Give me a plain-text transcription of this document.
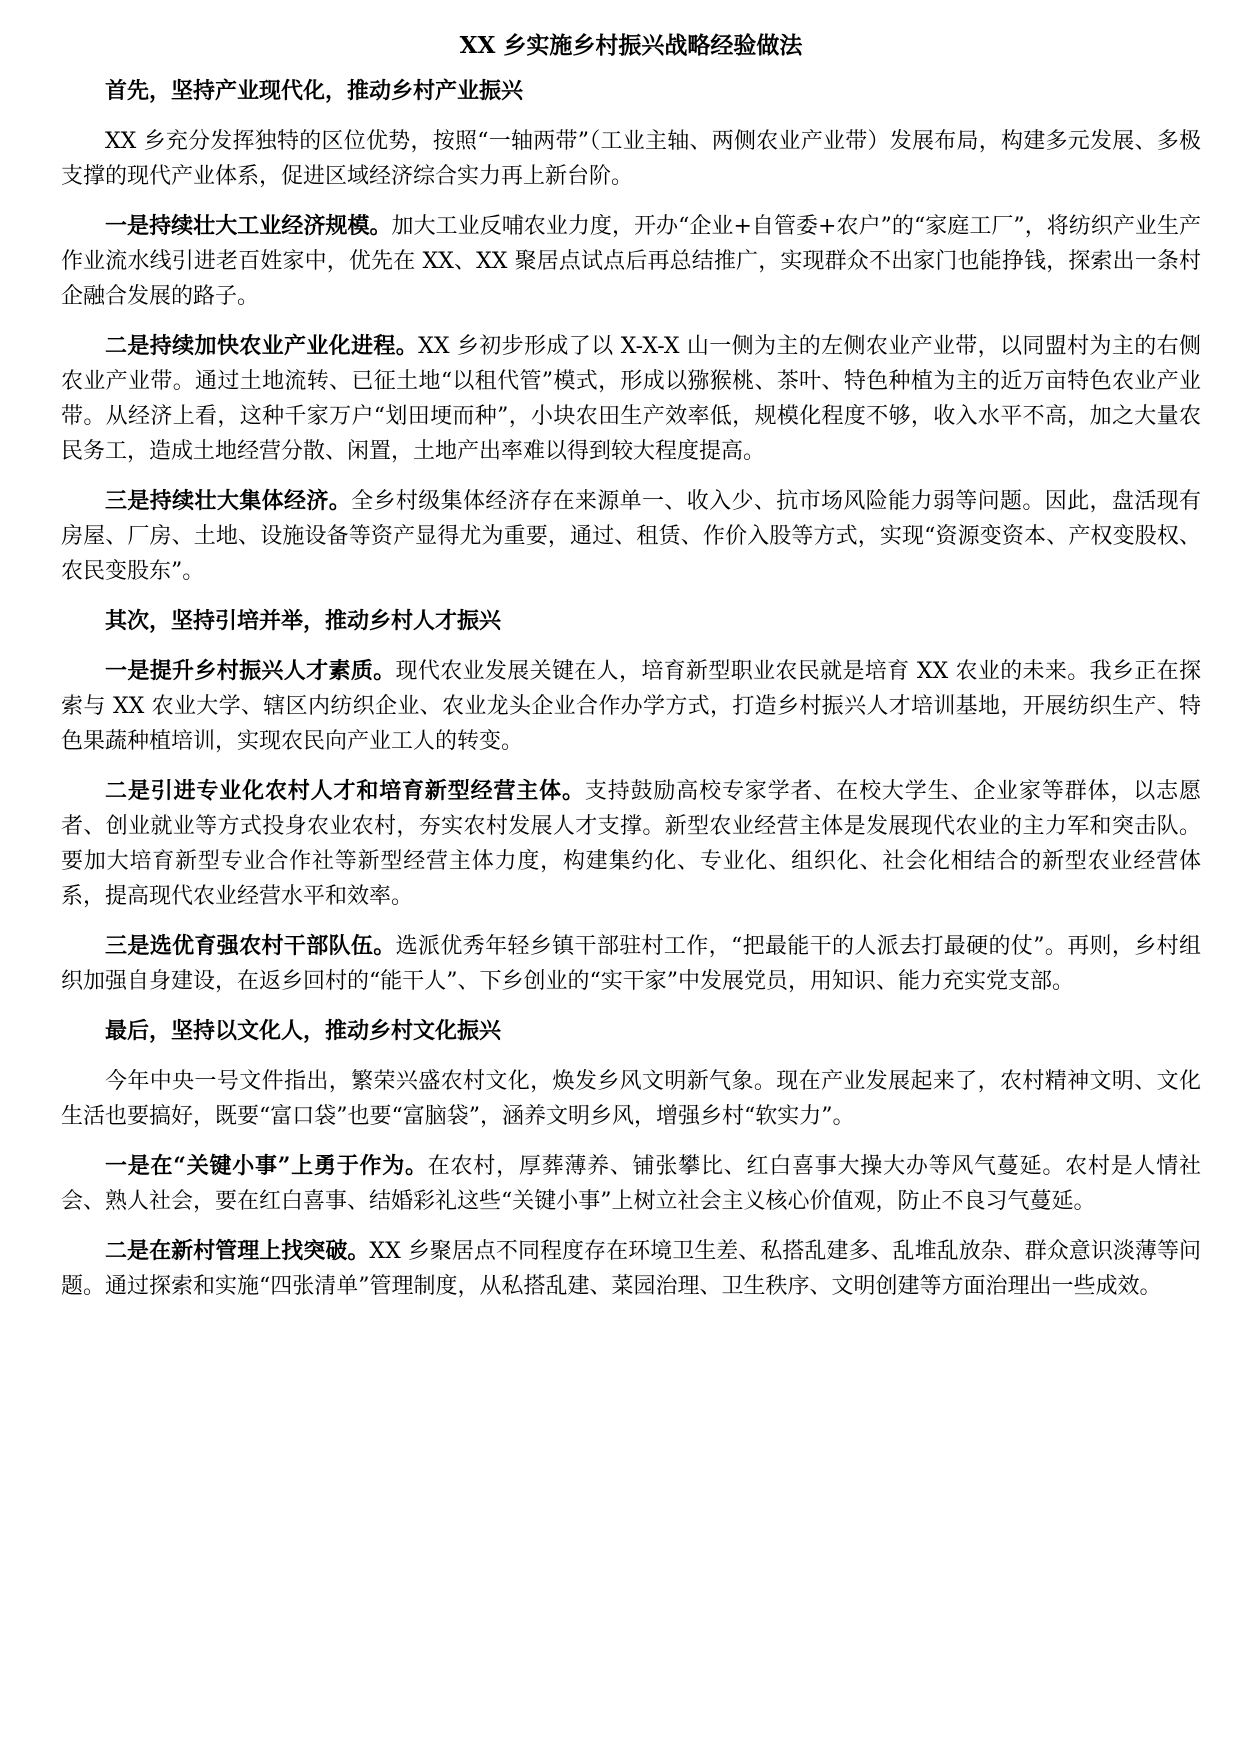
XX 乡实施乡村振兴战略经验做法
首先，坚持产业现代化，推动乡村产业振兴

XX 乡充分发挥独特的区位优势，按照“一轴两带”（工业主轴、两侧农业产业带）发展布局，构建多元发展、多极支撑的现代产业体系，促进区域经济综合实力再上新台阶。

一是持续壮大工业经济规模。加大工业反哺农业力度，开办“企业+自管委+农户”的“家庭工厂”，将纺织产业生产作业流水线引进老百姓家中，优先在 XX、XX 聚居点试点后再总结推广，实现群众不出家门也能挣钱，探索出一条村企融合发展的路子。

二是持续加快农业产业化进程。XX 乡初步形成了以 X-X-X 山一侧为主的左侧农业产业带，以同盟村为主的右侧农业产业带。通过土地流转、已征土地“以租代管”模式，形成以猕猴桃、茶叶、特色种植为主的近万亩特色农业产业带。从经济上看，这种千家万户“划田埂而种”，小块农田生产效率低，规模化程度不够，收入水平不高，加之大量农民务工，造成土地经营分散、闲置，土地产出率难以得到较大程度提高。

三是持续壮大集体经济。全乡村级集体经济存在来源单一、收入少、抗市场风险能力弱等问题。因此，盘活现有房屋、厂房、土地、设施设备等资产显得尤为重要，通过、租赁、作价入股等方式，实现“资源变资本、产权变股权、农民变股东”。

其次，坚持引培并举，推动乡村人才振兴

一是提升乡村振兴人才素质。现代农业发展关键在人，培育新型职业农民就是培育 XX 农业的未来。我乡正在探索与 XX 农业大学、辖区内纺织企业、农业龙头企业合作办学方式，打造乡村振兴人才培训基地，开展纺织生产、特色果蔬种植培训，实现农民向产业工人的转变。

二是引进专业化农村人才和培育新型经营主体。支持鼓励高校专家学者、在校大学生、企业家等群体，以志愿者、创业就业等方式投身农业农村，夯实农村发展人才支撑。新型农业经营主体是发展现代农业的主力军和突击队。要加大培育新型专业合作社等新型经营主体力度，构建集约化、专业化、组织化、社会化相结合的新型农业经营体系，提高现代农业经营水平和效率。

三是选优育强农村干部队伍。选派优秀年轻乡镇干部驻村工作，“把最能干的人派去打最硬的仗”。再则，乡村组织加强自身建设，在返乡回村的“能干人”、下乡创业的“实干家”中发展党员，用知识、能力充实党支部。

最后，坚持以文化人，推动乡村文化振兴

今年中央一号文件指出，繁荣兴盛农村文化，焕发乡风文明新气象。现在产业发展起来了，农村精神文明、文化生活也要搞好，既要“富口袋”也要“富脑袋”，涵养文明乡风，增强乡村“软实力”。

一是在“关键小事”上勇于作为。在农村，厚葬薄养、铺张攀比、红白喜事大操大办等风气蔓延。农村是人情社会、熟人社会，要在红白喜事、结婚彩礼这些“关键小事”上树立社会主义核心价值观，防止不良习气蔓延。

二是在新村管理上找突破。XX 乡聚居点不同程度存在环境卫生差、私搭乱建多、乱堆乱放杂、群众意识淡薄等问题。通过探索和实施“四张清单”管理制度，从私搭乱建、菜园治理、卫生秩序、文明创建等方面治理出一些成效。
